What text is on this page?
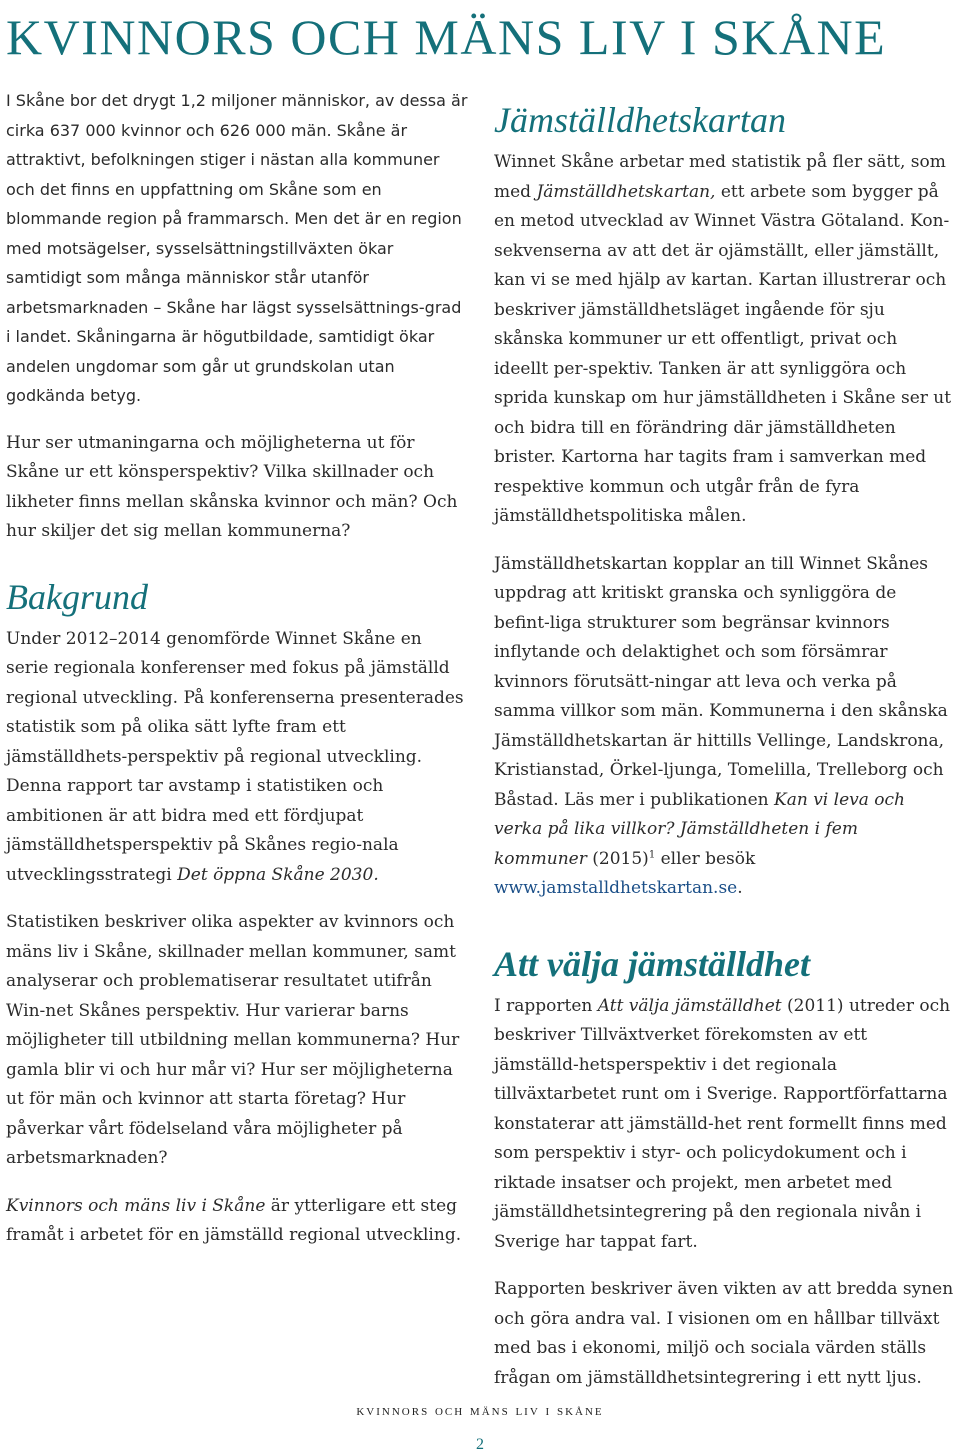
KVINNORS OCH MÄNS LIV I SKÅNE

I Skåne bor det drygt 1,2 miljoner människor, av dessa är cirka 637 000 kvinnor och 626 000 män. Skåne är attraktivt, befolkningen stiger i nästan alla kommuner och det finns en uppfattning om Skåne som en blommande region på frammarsch. Men det är en region med motsägelser, sysselsättningstillväxten ökar samtidigt som många människor står utanför arbetsmarknaden – Skåne har lägst sysselsättnings-grad i landet. Skåningarna är högutbildade, samtidigt ökar andelen ungdomar som går ut grundskolan utan godkända betyg.

Hur ser utmaningarna och möjligheterna ut för Skåne ur ett könsperspektiv? Vilka skillnader och likheter finns mellan skånska kvinnor och män? Och hur skiljer det sig mellan kommunerna?

Bakgrund

Under 2012–2014 genomförde Winnet Skåne en serie regionala konferenser med fokus på jämställd regional utveckling. På konferenserna presenterades statistik som på olika sätt lyfte fram ett jämställdhets-perspektiv på regional utveckling. Denna rapport tar avstamp i statistiken och ambitionen är att bidra med ett fördjupat jämställdhetsperspektiv på Skånes regio-nala utvecklingsstrategi Det öppna Skåne 2030.

Statistiken beskriver olika aspekter av kvinnors och mäns liv i Skåne, skillnader mellan kommuner, samt analyserar och problematiserar resultatet utifrån Win-net Skånes perspektiv. Hur varierar barns möjligheter till utbildning mellan kommunerna? Hur gamla blir vi och hur mår vi? Hur ser möjligheterna ut för män och kvinnor att starta företag? Hur påverkar vårt födelseland våra möjligheter på arbetsmarknaden?

Kvinnors och mäns liv i Skåne är ytterligare ett steg framåt i arbetet för en jämställd regional utveckling.

Jämställdhetskartan

Winnet Skåne arbetar med statistik på fler sätt, som med Jämställdhetskartan, ett arbete som bygger på en metod utvecklad av Winnet Västra Götaland. Kon-sekvenserna av att det är ojämställt, eller jämställt, kan vi se med hjälp av kartan. Kartan illustrerar och beskriver jämställdhetsläget ingående för sju skånska kommuner ur ett offentligt, privat och ideellt per-spektiv. Tanken är att synliggöra och sprida kunskap om hur jämställdheten i Skåne ser ut och bidra till en förändring där jämställdheten brister. Kartorna har tagits fram i samverkan med respektive kommun och utgår från de fyra jämställdhetspolitiska målen.

Jämställdhetskartan kopplar an till Winnet Skånes uppdrag att kritiskt granska och synliggöra de befint-liga strukturer som begränsar kvinnors inflytande och delaktighet och som försämrar kvinnors förutsätt-ningar att leva och verka på samma villkor som män. Kommunerna i den skånska Jämställdhetskartan är hittills Vellinge, Landskrona, Kristianstad, Örkel-ljunga, Tomelilla, Trelleborg och Båstad. Läs mer i publikationen Kan vi leva och verka på lika villkor? Jämställdheten i fem kommuner $(2015)^1$ eller besök www.jamstalldhetskartan.se.

Att välja jämställdhet

I rapporten Att välja jämställdhet (2011) utreder och beskriver Tillväxtverket förekomsten av ett jämställd-hetsperspektiv i det regionala tillväxtarbetet runt om i Sverige. Rapportförfattarna konstaterar att jämställd-het rent formellt finns med som perspektiv i styr- och policydokument och i riktade insatser och projekt, men arbetet med jämställdhetsintegrering på den regionala nivån i Sverige har tappat fart.

Rapporten beskriver även vikten av att bredda synen och göra andra val. I visionen om en hållbar tillväxt med bas i ekonomi, miljö och sociala värden ställs frågan om jämställdhetsintegrering i ett nytt ljus.

kvinnors och mäns liv i skåne
2
